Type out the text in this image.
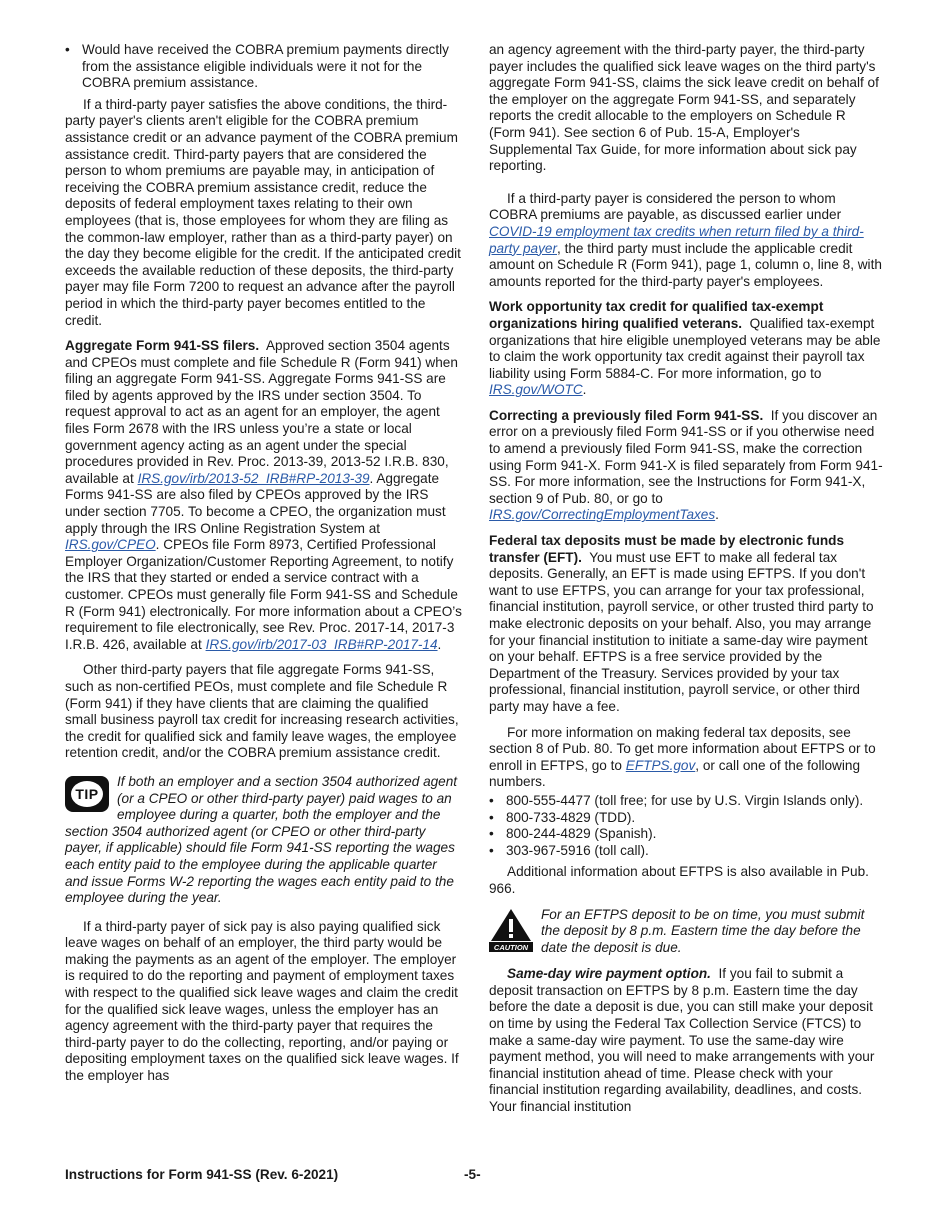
• Would have received the COBRA premium payments directly from the assistance eligible individuals were it not for the COBRA premium assistance.

If a third-party payer satisfies the above conditions, the third-party payer's clients aren't eligible for the COBRA premium assistance credit or an advance payment of the COBRA premium assistance credit. Third-party payers that are considered the person to whom premiums are payable may, in anticipation of receiving the COBRA premium assistance credit, reduce the deposits of federal employment taxes relating to their own employees (that is, those employees for whom they are filing as the common-law employer, rather than as a third-party payer) on the day they become eligible for the credit. If the anticipated credit exceeds the available reduction of these deposits, the third-party payer may file Form 7200 to request an advance after the payroll period in which the third-party payer becomes entitled to the credit.

Aggregate Form 941-SS filers. Approved section 3504 agents and CPEOs must complete and file Schedule R (Form 941) when filing an aggregate Form 941-SS. Aggregate Forms 941-SS are filed by agents approved by the IRS under section 3504. To request approval to act as an agent for an employer, the agent files Form 2678 with the IRS unless you’re a state or local government agency acting as an agent under the special procedures provided in Rev. Proc. 2013-39, 2013-52 I.R.B. 830, available at IRS.gov/irb/2013-52_IRB#RP-2013-39. Aggregate Forms 941-SS are also filed by CPEOs approved by the IRS under section 7705. To become a CPEO, the organization must apply through the IRS Online Registration System at IRS.gov/CPEO. CPEOs file Form 8973, Certified Professional Employer Organization/Customer Reporting Agreement, to notify the IRS that they started or ended a service contract with a customer. CPEOs must generally file Form 941-SS and Schedule R (Form 941) electronically. For more information about a CPEO’s requirement to file electronically, see Rev. Proc. 2017-14, 2017-3 I.R.B. 426, available at IRS.gov/irb/2017-03_IRB#RP-2017-14.

Other third-party payers that file aggregate Forms 941-SS, such as non-certified PEOs, must complete and file Schedule R (Form 941) if they have clients that are claiming the qualified small business payroll tax credit for increasing research activities, the credit for qualified sick and family leave wages, the employee retention credit, and/or the COBRA premium assistance credit.

TIP
If both an employer and a section 3504 authorized agent (or a CPEO or other third-party payer) paid wages to an employee during a quarter, both the employer and the section 3504 authorized agent (or CPEO or other third-party payer, if applicable) should file Form 941-SS reporting the wages each entity paid to the employee during the applicable quarter and issue Forms W-2 reporting the wages each entity paid to the employee during the year.

If a third-party payer of sick pay is also paying qualified sick leave wages on behalf of an employer, the third party would be making the payments as an agent of the employer. The employer is required to do the reporting and payment of employment taxes with respect to the qualified sick leave wages and claim the credit for the qualified sick leave wages, unless the employer has an agency agreement with the third-party payer that requires the third-party payer to do the collecting, reporting, and/or paying or depositing employment taxes on the qualified sick leave wages. If the employer has

an agency agreement with the third-party payer, the third-party payer includes the qualified sick leave wages on the third party's aggregate Form 941-SS, claims the sick leave credit on behalf of the employer on the aggregate Form 941-SS, and separately reports the credit allocable to the employers on Schedule R (Form 941). See section 6 of Pub. 15-A, Employer's Supplemental Tax Guide, for more information about sick pay reporting.

If a third-party payer is considered the person to whom COBRA premiums are payable, as discussed earlier under COVID-19 employment tax credits when return filed by a third-party payer, the third party must include the applicable credit amount on Schedule R (Form 941), page 1, column o, line 8, with amounts reported for the third-party payer's employees.

Work opportunity tax credit for qualified tax-exempt organizations hiring qualified veterans. Qualified tax-exempt organizations that hire eligible unemployed veterans may be able to claim the work opportunity tax credit against their payroll tax liability using Form 5884-C. For more information, go to IRS.gov/WOTC.

Correcting a previously filed Form 941-SS. If you discover an error on a previously filed Form 941-SS or if you otherwise need to amend a previously filed Form 941-SS, make the correction using Form 941-X. Form 941-X is filed separately from Form 941-SS. For more information, see the Instructions for Form 941-X, section 9 of Pub. 80, or go to IRS.gov/CorrectingEmploymentTaxes.

Federal tax deposits must be made by electronic funds transfer (EFT). You must use EFT to make all federal tax deposits. Generally, an EFT is made using EFTPS. If you don't want to use EFTPS, you can arrange for your tax professional, financial institution, payroll service, or other trusted third party to make electronic deposits on your behalf. Also, you may arrange for your financial institution to initiate a same-day wire payment on your behalf. EFTPS is a free service provided by the Department of the Treasury. Services provided by your tax professional, financial institution, payroll service, or other third party may have a fee.

For more information on making federal tax deposits, see section 8 of Pub. 80. To get more information about EFTPS or to enroll in EFTPS, go to EFTPS.gov, or call one of the following numbers.

• 800-555-4477 (toll free; for use by U.S. Virgin Islands only).
• 800-733-4829 (TDD).
• 800-244-4829 (Spanish).
• 303-967-5916 (toll call).

Additional information about EFTPS is also available in Pub. 966.

CAUTION
For an EFTPS deposit to be on time, you must submit the deposit by 8 p.m. Eastern time the day before the date the deposit is due.

Same-day wire payment option. If you fail to submit a deposit transaction on EFTPS by 8 p.m. Eastern time the day before the date a deposit is due, you can still make your deposit on time by using the Federal Tax Collection Service (FTCS) to make a same-day wire payment. To use the same-day wire payment method, you will need to make arrangements with your financial institution ahead of time. Please check with your financial institution regarding availability, deadlines, and costs. Your financial institution

Instructions for Form 941-SS (Rev. 6-2021)	-5-
